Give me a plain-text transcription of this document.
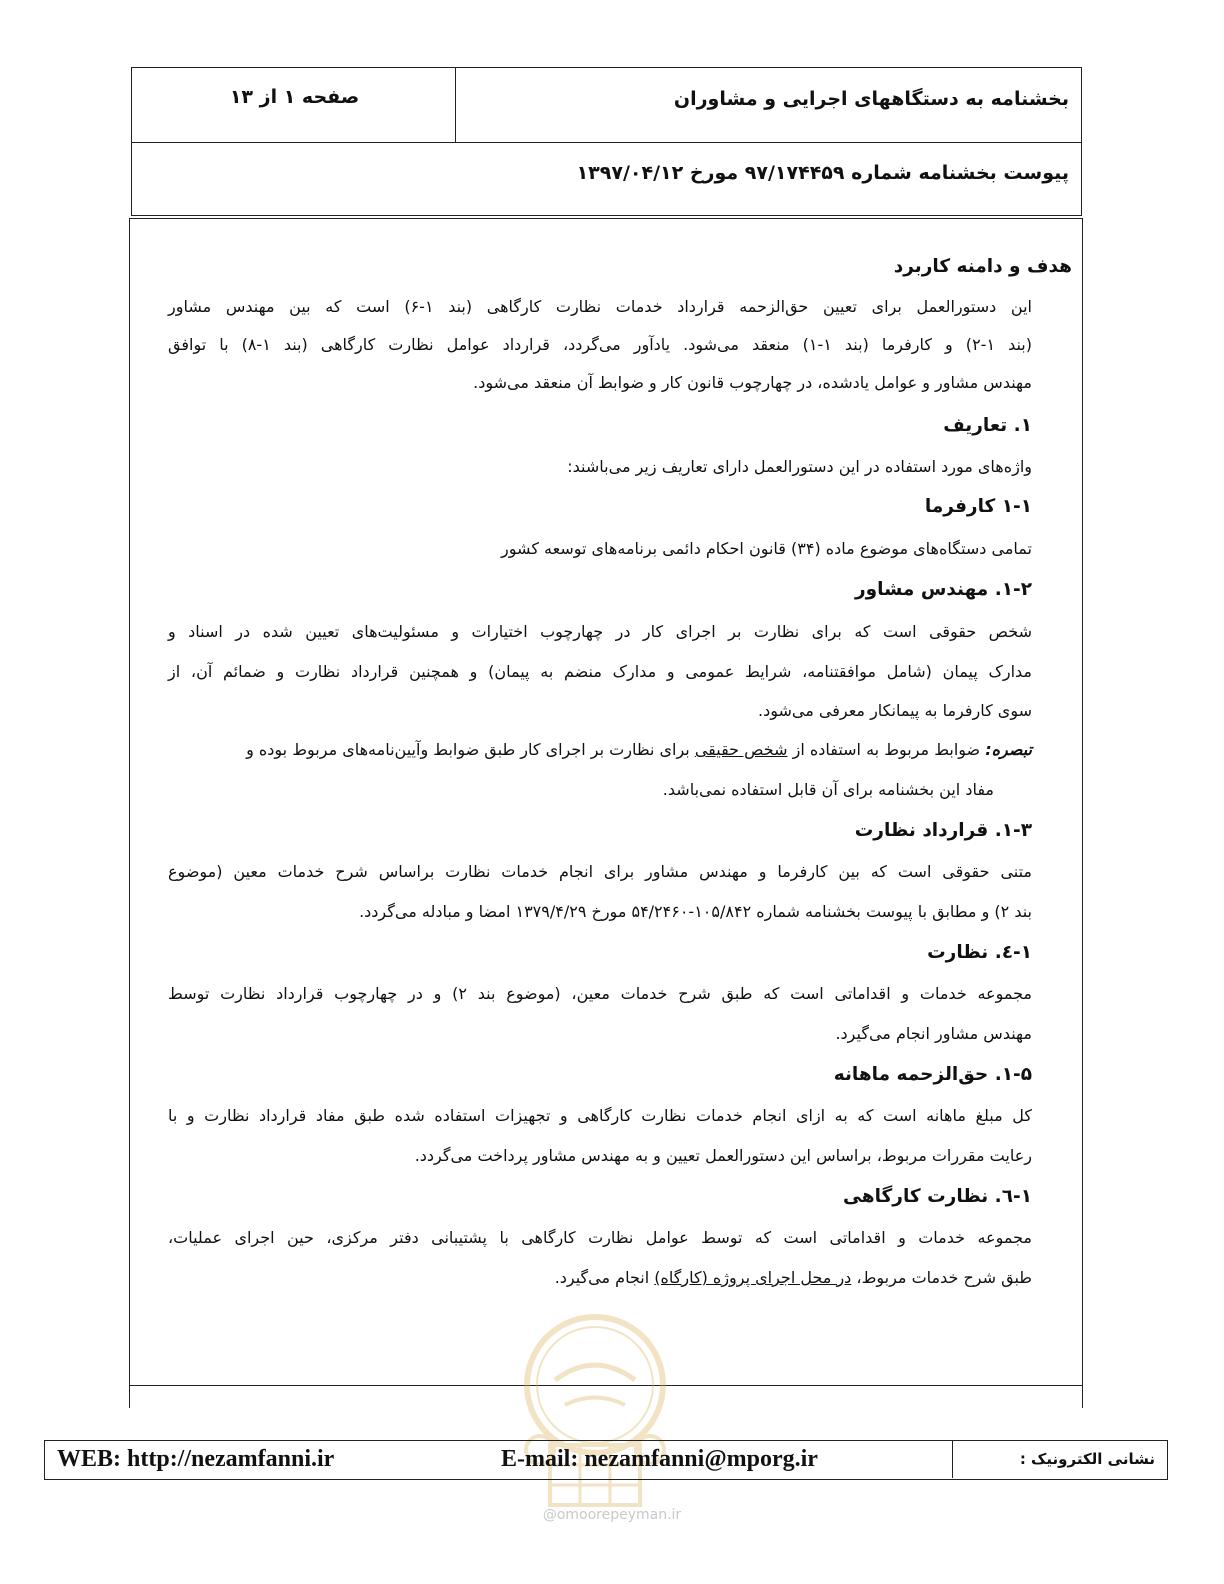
بخشنامه به دستگاههای اجرایی و مشاوران
صفحه ۱ از ۱۳
پیوست بخشنامه شماره ۹۷/۱۷۴۴۵۹ مورخ ۱۳۹۷/۰۴/۱۲
هدف و دامنه کاربرد
این دستورالعمل برای تعیین حق‌الزحمه قرارداد خدمات نظارت کارگاهی (بند ۱-۶) است که بین مهندس مشاور
(بند ۱-۲) و کارفرما (بند ۱-۱) منعقد می‌شود. یادآور می‌گردد، قرارداد عوامل نظارت کارگاهی (بند ۱-۸) با توافق
مهندس مشاور و عوامل یادشده، در چهارچوب قانون کار و ضوابط آن منعقد می‌شود.
۱. تعاریف
واژه‌های مورد استفاده در این دستورالعمل دارای تعاریف زیر می‌باشند:
۱-۱ کارفرما
تمامی دستگاه‌های موضوع ماده (۳۴) قانون احکام دائمی برنامه‌های توسعه کشور
۱-۲. مهندس مشاور
شخص حقوقی است که برای نظارت بر اجرای کار در چهارچوب اختیارات و مسئولیت‌های تعیین شده در اسناد و
مدارک پیمان (شامل موافقتنامه، شرایط عمومی و مدارک منضم به پیمان) و همچنین قرارداد نظارت و ضمائم آن، از
سوی کارفرما به پیمانکار معرفی می‌شود.
تبصره: ضوابط مربوط به استفاده از شخص حقیقی برای نظارت بر اجرای کار طبق ضوابط وآیین‌نامه‌های مربوط بوده و
مفاد این بخشنامه برای آن قابل استفاده نمی‌باشد.
۱-۳. قرارداد نظارت
متنی حقوقی است که بین کارفرما و مهندس مشاور برای انجام خدمات نظارت براساس شرح خدمات معین (موضوع
بند ۲) و مطابق با پیوست بخشنامه شماره ۱۰۵/۸۴۲-۵۴/۲۴۶۰ مورخ ۱۳۷۹/۴/۲۹ امضا و مبادله می‌گردد.
۱-٤. نظارت
مجموعه خدمات و اقداماتی است که طبق شرح خدمات معین، (موضوع بند ۲) و در چهارچوب قرارداد نظارت توسط
مهندس مشاور انجام می‌گیرد.
۱-۵. حق‌الزحمه ماهانه
کل مبلغ ماهانه است که به ازای انجام خدمات نظارت کارگاهی و تجهیزات استفاده شده طبق مفاد قرارداد نظارت و با
رعایت مقررات مربوط، براساس این دستورالعمل تعیین و به مهندس مشاور پرداخت می‌گردد.
۱-٦. نظارت کارگاهی
مجموعه خدمات و اقداماتی است که توسط عوامل نظارت کارگاهی با پشتیبانی دفتر مرکزی، حین اجرای عملیات،
طبق شرح خدمات مربوط، در محل اجرای پروژه (کارگاه) انجام می‌گیرد.
WEB: http://nezamfanni.ir	E-mail: nezamfanni@mporg.ir	نشانی الکترونیک :
@omoorepeyman.ir
